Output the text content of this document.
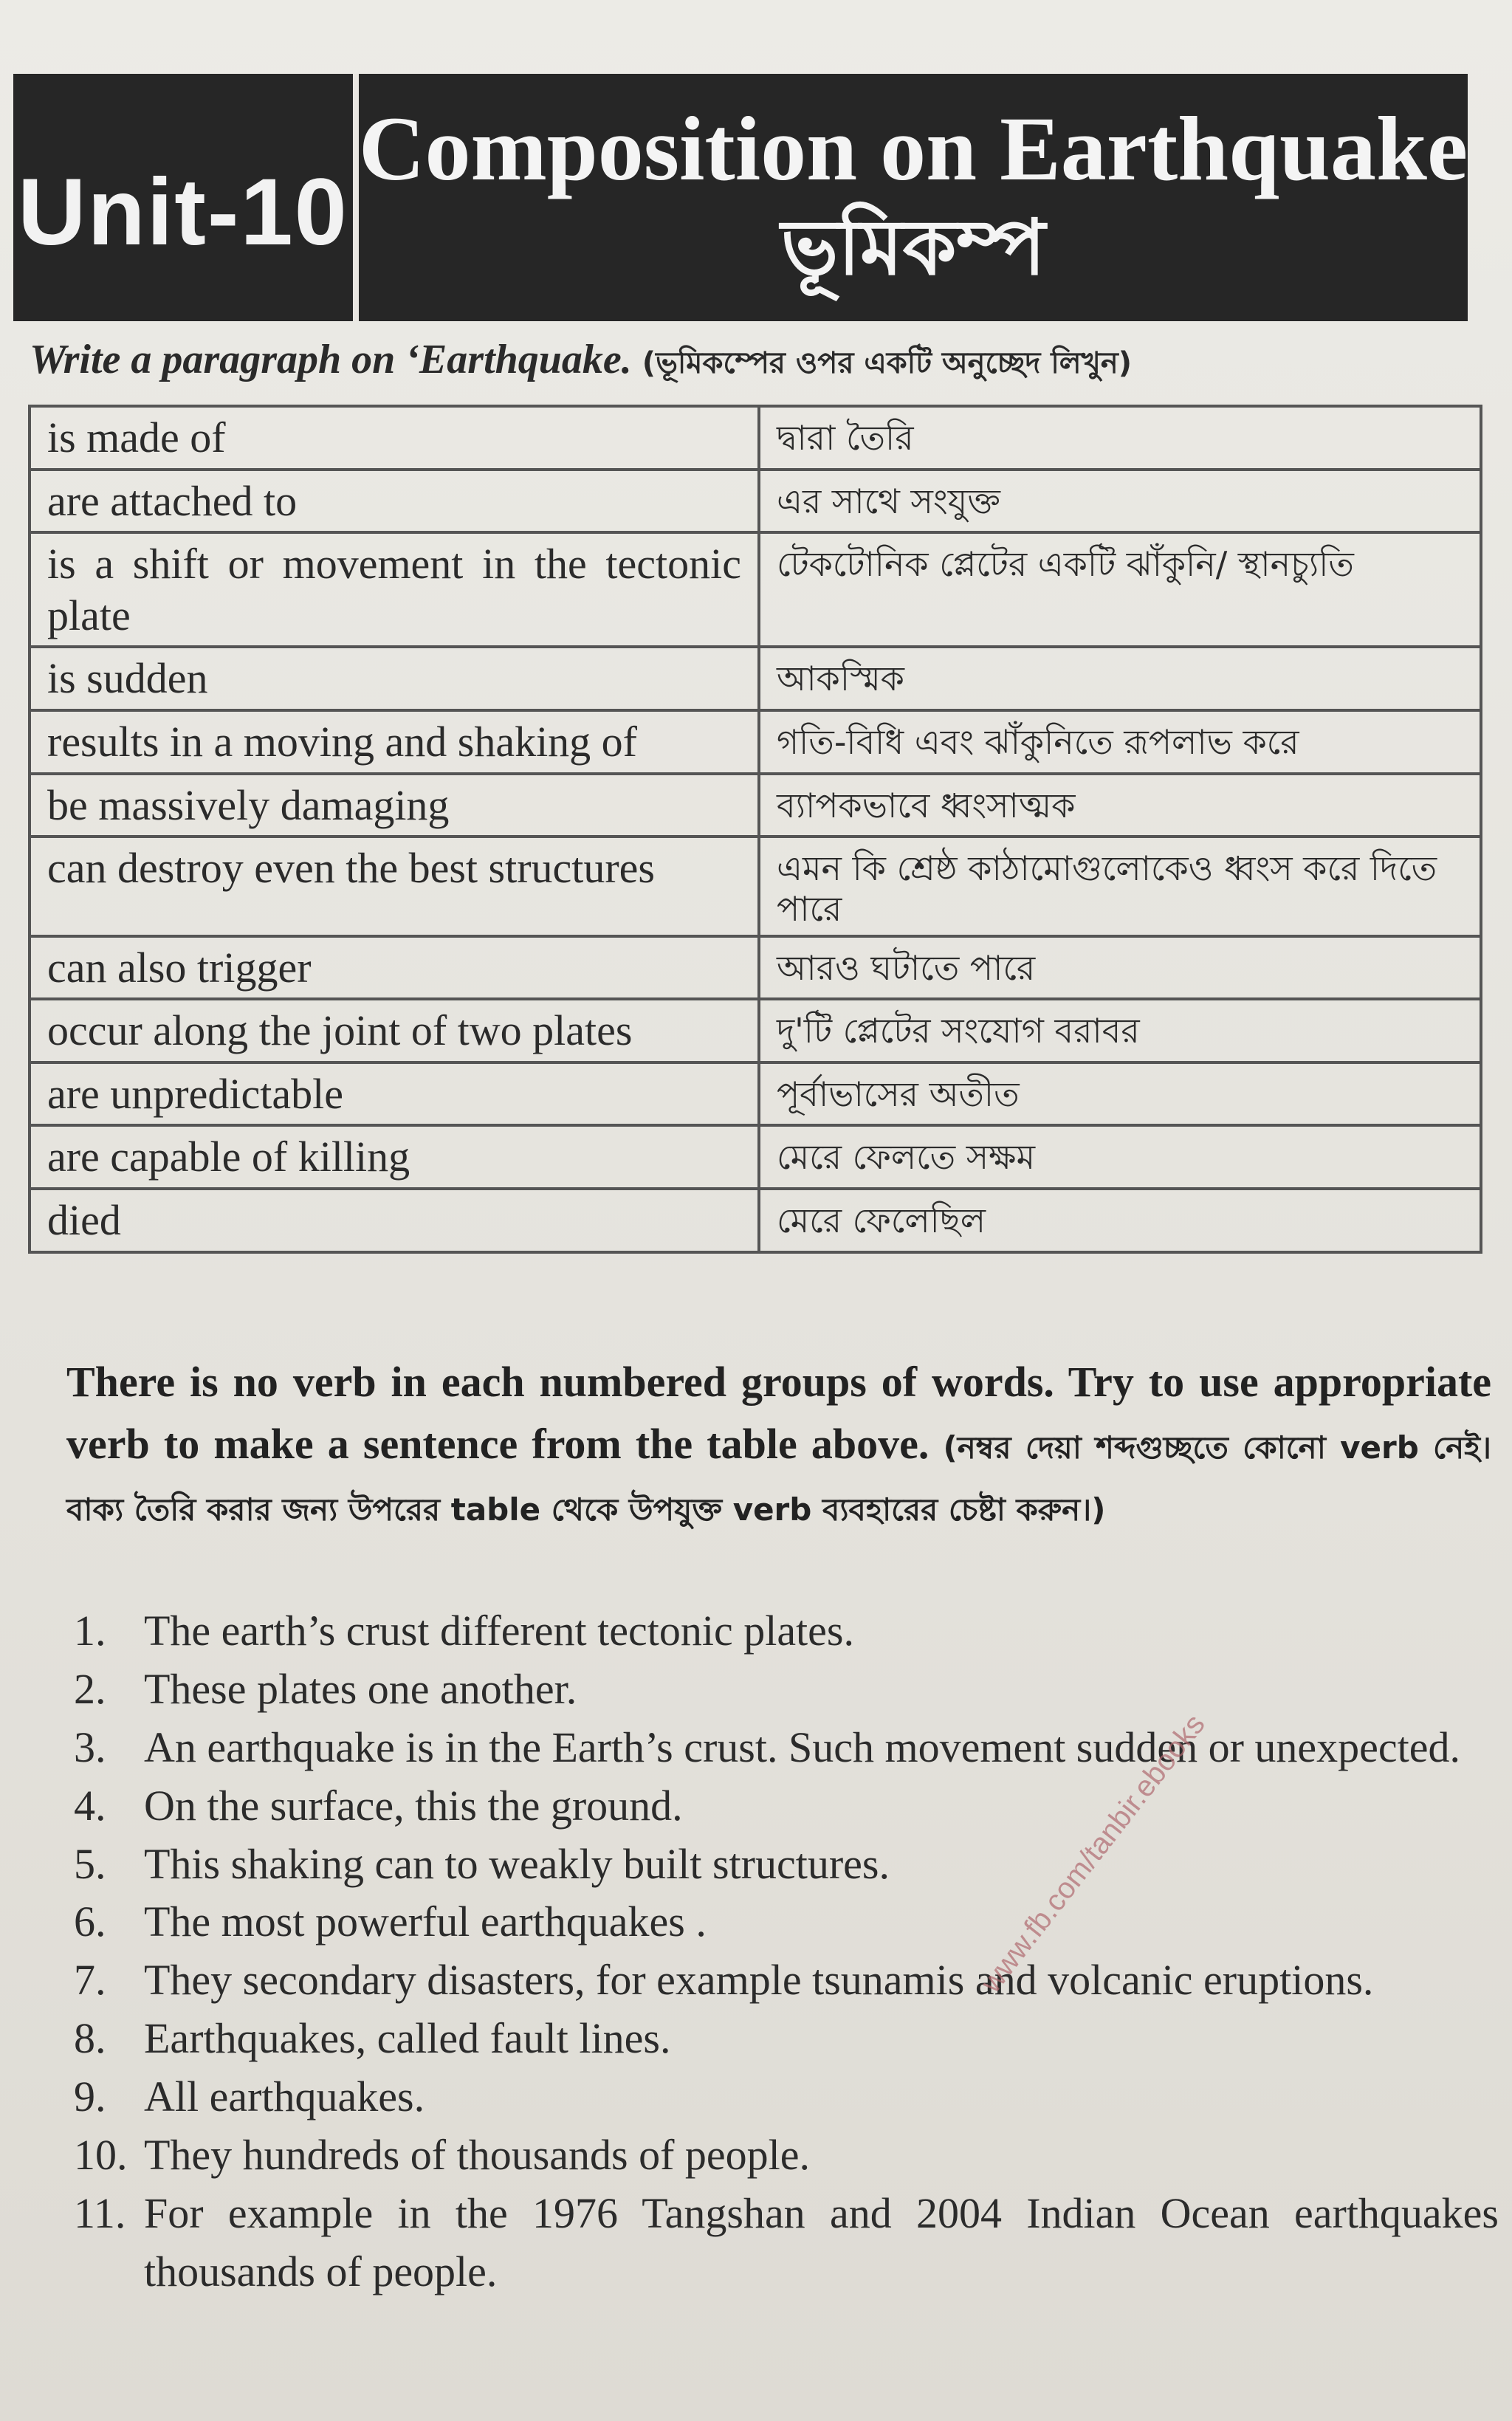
Unit-10
Composition on Earthquake
ভূমিকম্প
Write a paragraph on ‘Earthquake. (ভূমিকম্পের ওপর একটি অনুচ্ছেদ লিখুন)
is made of	দ্বারা তৈরি
are attached to	এর সাথে সংযুক্ত
is a shift or movement in the tectonic plate	টেকটোনিক প্লেটের একটি ঝাঁকুনি/ স্থানচ্যুতি
is sudden	আকস্মিক
results in a moving and shaking of	গতি-বিধি এবং ঝাঁকুনিতে রূপলাভ করে
be massively damaging	ব্যাপকভাবে ধ্বংসাত্মক
can destroy even the best structures	এমন কি শ্রেষ্ঠ কাঠামোগুলোকেও ধ্বংস করে দিতে পারে
can also trigger	আরও ঘটাতে পারে
occur along the joint of two plates	দু'টি প্লেটের সংযোগ বরাবর
are unpredictable	পূর্বাভাসের অতীত
are capable of killing	মেরে ফেলতে সক্ষম
died	মেরে ফেলেছিল
There is no verb in each numbered groups of words. Try to use appropriate verb to make a sentence from the table above. (নম্বর দেয়া শব্দগুচ্ছতে কোনো verb নেই। বাক্য তৈরি করার জন্য উপরের table থেকে উপযুক্ত verb ব্যবহারের চেষ্টা করুন।)
1. The earth’s crust different tectonic plates.
2. These plates one another.
3. An earthquake is in the Earth’s crust. Such movement sudden or unexpected.
4. On the surface, this the ground.
5. This shaking can to weakly built structures.
6. The most powerful earthquakes .
7. They secondary disasters, for example tsunamis and volcanic eruptions.
8. Earthquakes, called fault lines.
9. All earthquakes.
10. They hundreds of thousands of people.
11. For example in the 1976 Tangshan and 2004 Indian Ocean earthquakes thousands of people.
www.fb.com/tanbir.ebooks
